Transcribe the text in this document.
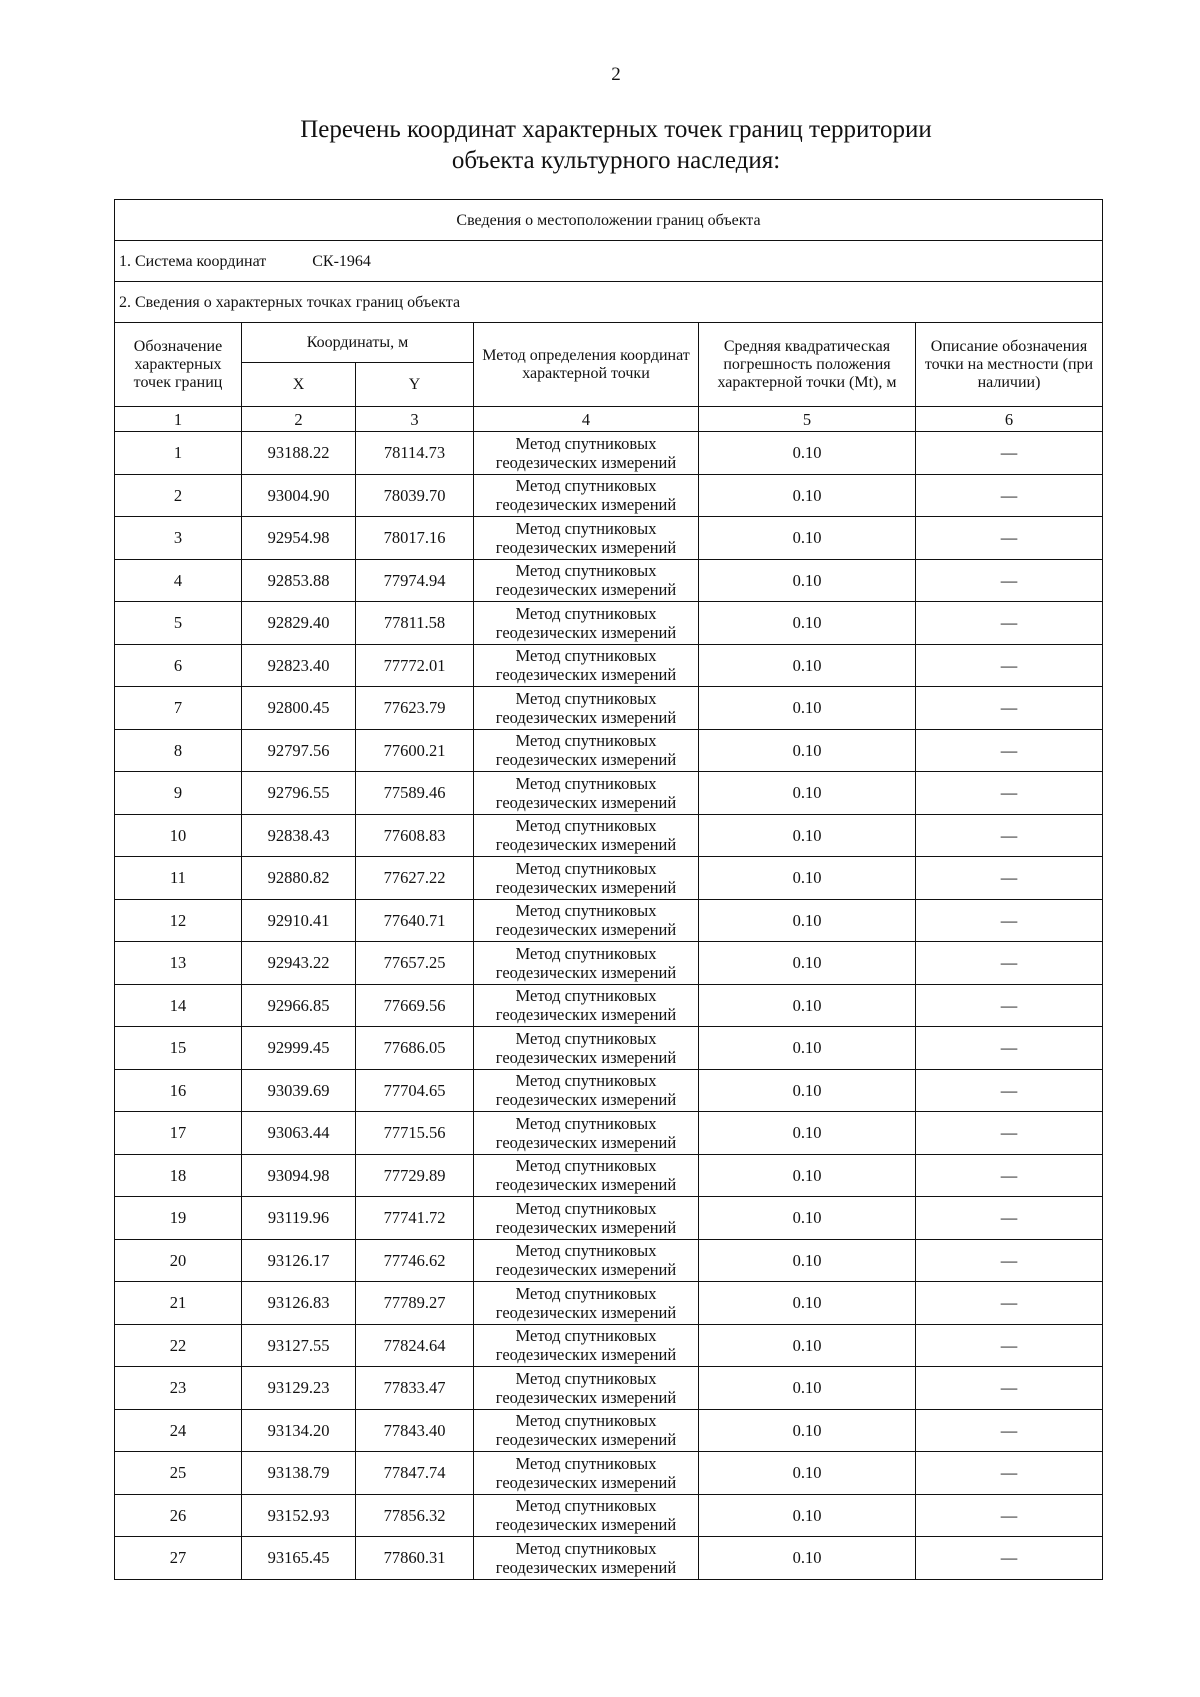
2
Перечень координат характерных точек границ территории
объекта культурного наследия:
Сведения о местоположении границ объекта					
1. Система координат СК-1964					
2. Сведения о характерных точках границ объекта					
Обозначение характерных точек границ	Координаты, м		Метод определения координат характерной точки	Средняя квадратическая погрешность положения характерной точки (Mt), м	Описание обозначения точки на местности (при наличии)
	X	Y			
1	2	3	4	5	6
1	93188.22	78114.73	Метод спутниковых геодезических измерений	0.10	—
2	93004.90	78039.70	Метод спутниковых геодезических измерений	0.10	—
3	92954.98	78017.16	Метод спутниковых геодезических измерений	0.10	—
4	92853.88	77974.94	Метод спутниковых геодезических измерений	0.10	—
5	92829.40	77811.58	Метод спутниковых геодезических измерений	0.10	—
6	92823.40	77772.01	Метод спутниковых геодезических измерений	0.10	—
7	92800.45	77623.79	Метод спутниковых геодезических измерений	0.10	—
8	92797.56	77600.21	Метод спутниковых геодезических измерений	0.10	—
9	92796.55	77589.46	Метод спутниковых геодезических измерений	0.10	—
10	92838.43	77608.83	Метод спутниковых геодезических измерений	0.10	—
11	92880.82	77627.22	Метод спутниковых геодезических измерений	0.10	—
12	92910.41	77640.71	Метод спутниковых геодезических измерений	0.10	—
13	92943.22	77657.25	Метод спутниковых геодезических измерений	0.10	—
14	92966.85	77669.56	Метод спутниковых геодезических измерений	0.10	—
15	92999.45	77686.05	Метод спутниковых геодезических измерений	0.10	—
16	93039.69	77704.65	Метод спутниковых геодезических измерений	0.10	—
17	93063.44	77715.56	Метод спутниковых геодезических измерений	0.10	—
18	93094.98	77729.89	Метод спутниковых геодезических измерений	0.10	—
19	93119.96	77741.72	Метод спутниковых геодезических измерений	0.10	—
20	93126.17	77746.62	Метод спутниковых геодезических измерений	0.10	—
21	93126.83	77789.27	Метод спутниковых геодезических измерений	0.10	—
22	93127.55	77824.64	Метод спутниковых геодезических измерений	0.10	—
23	93129.23	77833.47	Метод спутниковых геодезических измерений	0.10	—
24	93134.20	77843.40	Метод спутниковых геодезических измерений	0.10	—
25	93138.79	77847.74	Метод спутниковых геодезических измерений	0.10	—
26	93152.93	77856.32	Метод спутниковых геодезических измерений	0.10	—
27	93165.45	77860.31	Метод спутниковых геодезических измерений	0.10	—
